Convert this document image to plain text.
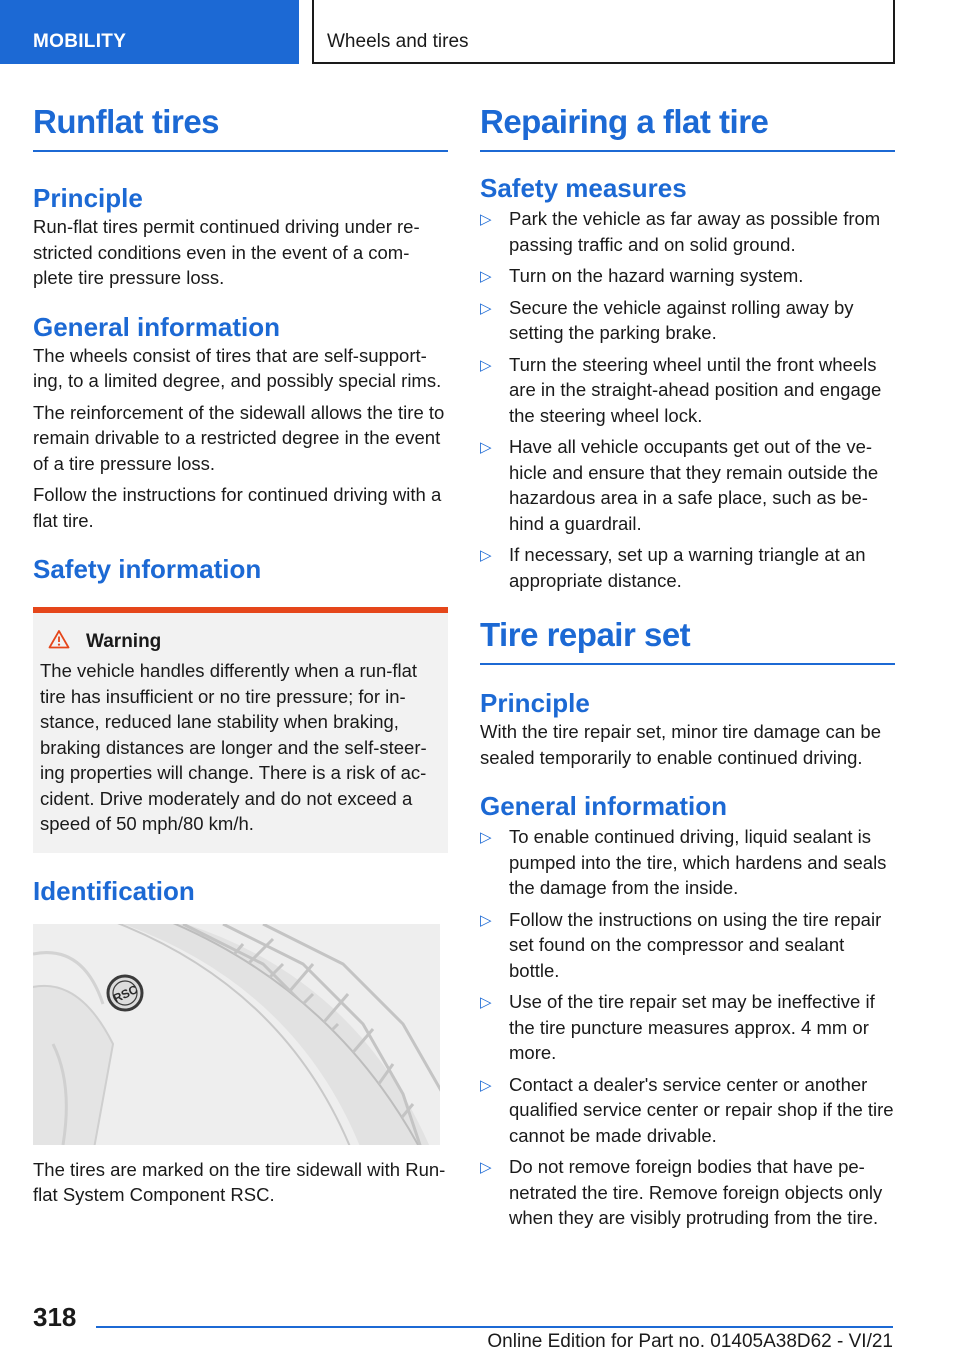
MOBILITY	Wheels and tires
Runflat tires
Principle

Run-flat tires permit continued driving under re-stricted conditions even in the event of a com-plete tire pressure loss.

General information

The wheels consist of tires that are self-support-ing, to a limited degree, and possibly special rims.

The reinforcement of the sidewall allows the tire to remain drivable to a restricted degree in the event of a tire pressure loss.

Follow the instructions for continued driving with a flat tire.

Safety information
Warning

The vehicle handles differently when a run-flat tire has insufficient or no tire pressure; for in-stance, reduced lane stability when braking, braking distances are longer and the self-steer-ing properties will change. There is a risk of ac-cident. Drive moderately and do not exceed a speed of 50 mph/80 km/h.

Identification
RSC

The tires are marked on the tire sidewall with Run-flat System Component RSC.

Repairing a flat tire
Safety measures
▷ Park the vehicle as far away as possible from passing traffic and on solid ground.
▷ Turn on the hazard warning system.
▷ Secure the vehicle against rolling away by setting the parking brake.
▷ Turn the steering wheel until the front wheels are in the straight-ahead position and engage the steering wheel lock.
▷ Have all vehicle occupants get out of the ve-hicle and ensure that they remain outside the hazardous area in a safe place, such as be-hind a guardrail.
▷ If necessary, set up a warning triangle at an appropriate distance.
Tire repair set
Principle

With the tire repair set, minor tire damage can be sealed temporarily to enable continued driving.

General information
▷ To enable continued driving, liquid sealant is pumped into the tire, which hardens and seals the damage from the inside.
▷ Follow the instructions on using the tire repair set found on the compressor and sealant bottle.
▷ Use of the tire repair set may be ineffective if the tire puncture measures approx. 4 mm or more.
▷ Contact a dealer's service center or another qualified service center or repair shop if the tire cannot be made drivable.
▷ Do not remove foreign bodies that have pe-netrated the tire. Remove foreign objects only when they are visibly protruding from the tire.
318
Online Edition for Part no. 01405A38D62 - VI/21
